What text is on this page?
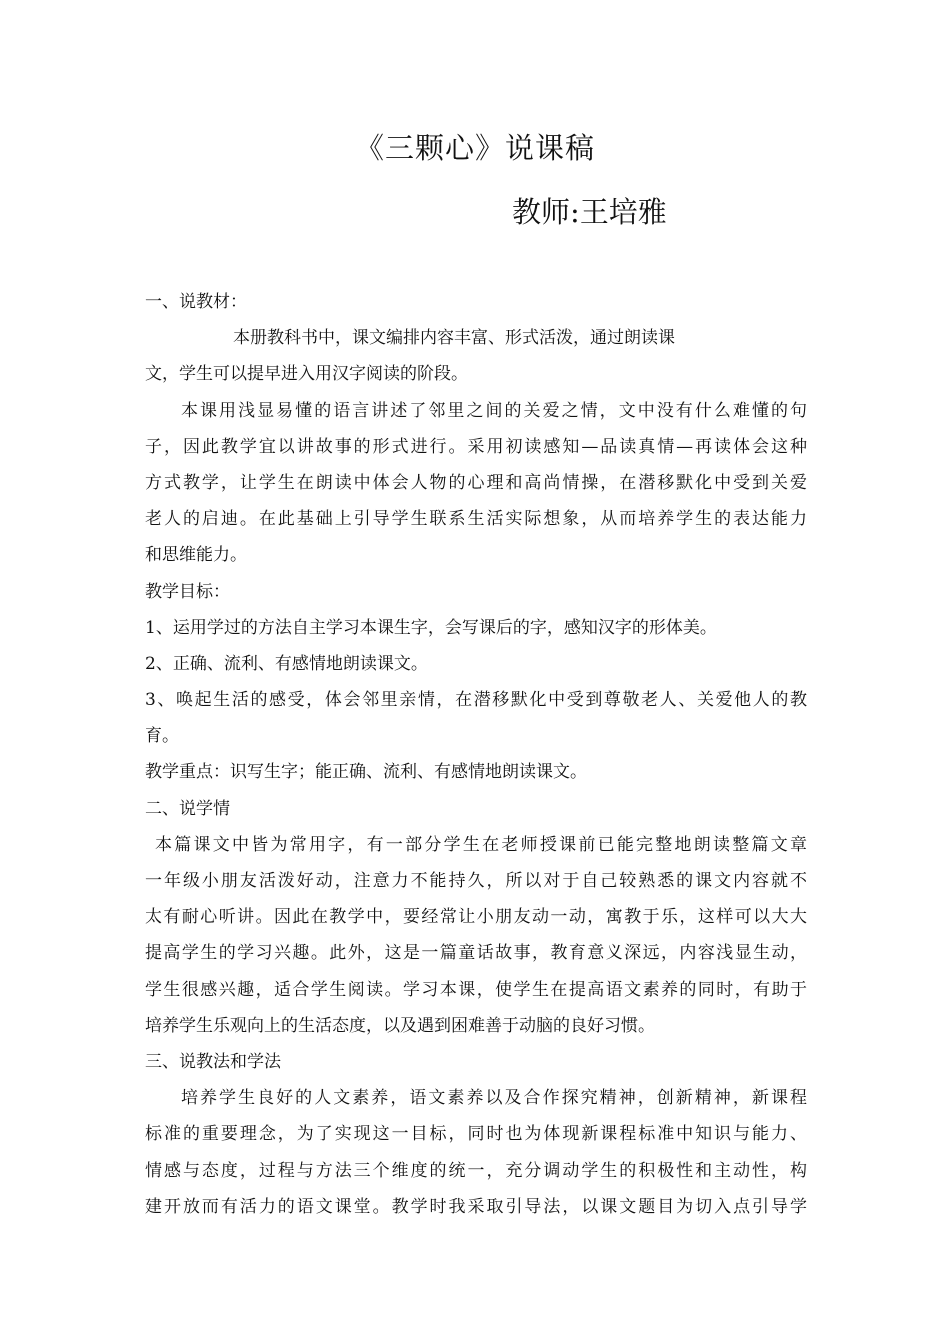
《三颗心》说课稿
教师:王培雅
一、说教材：
本册教科书中，课文编排内容丰富、形式活泼，通过朗读课
文，学生可以提早进入用汉字阅读的阶段。
本课用浅显易懂的语言讲述了邻里之间的关爱之情，文中没有什么难懂的句
子，因此教学宜以讲故事的形式进行。采用初读感知—品读真情—再读体会这种
方式教学，让学生在朗读中体会人物的心理和高尚情操，在潜移默化中受到关爱
老人的启迪。在此基础上引导学生联系生活实际想象，从而培养学生的表达能力
和思维能力。
教学目标：
1、运用学过的方法自主学习本课生字，会写课后的字，感知汉字的形体美。
2、正确、流利、有感情地朗读课文。
3、唤起生活的感受，体会邻里亲情，在潜移默化中受到尊敬老人、关爱他人的教
育。
教学重点：识写生字；能正确、流利、有感情地朗读课文。
二、说学情
本篇课文中皆为常用字，有一部分学生在老师授课前已能完整地朗读整篇文章
一年级小朋友活泼好动，注意力不能持久，所以对于自己较熟悉的课文内容就不
太有耐心听讲。因此在教学中，要经常让小朋友动一动，寓教于乐，这样可以大大
提高学生的学习兴趣。此外，这是一篇童话故事，教育意义深远，内容浅显生动，
学生很感兴趣，适合学生阅读。学习本课，使学生在提高语文素养的同时，有助于
培养学生乐观向上的生活态度，以及遇到困难善于动脑的良好习惯。
三、说教法和学法
培养学生良好的人文素养，语文素养以及合作探究精神，创新精神，新课程
标准的重要理念，为了实现这一目标，同时也为体现新课程标准中知识与能力、
情感与态度，过程与方法三个维度的统一，充分调动学生的积极性和主动性，构
建开放而有活力的语文课堂。教学时我采取引导法，以课文题目为切入点引导学
